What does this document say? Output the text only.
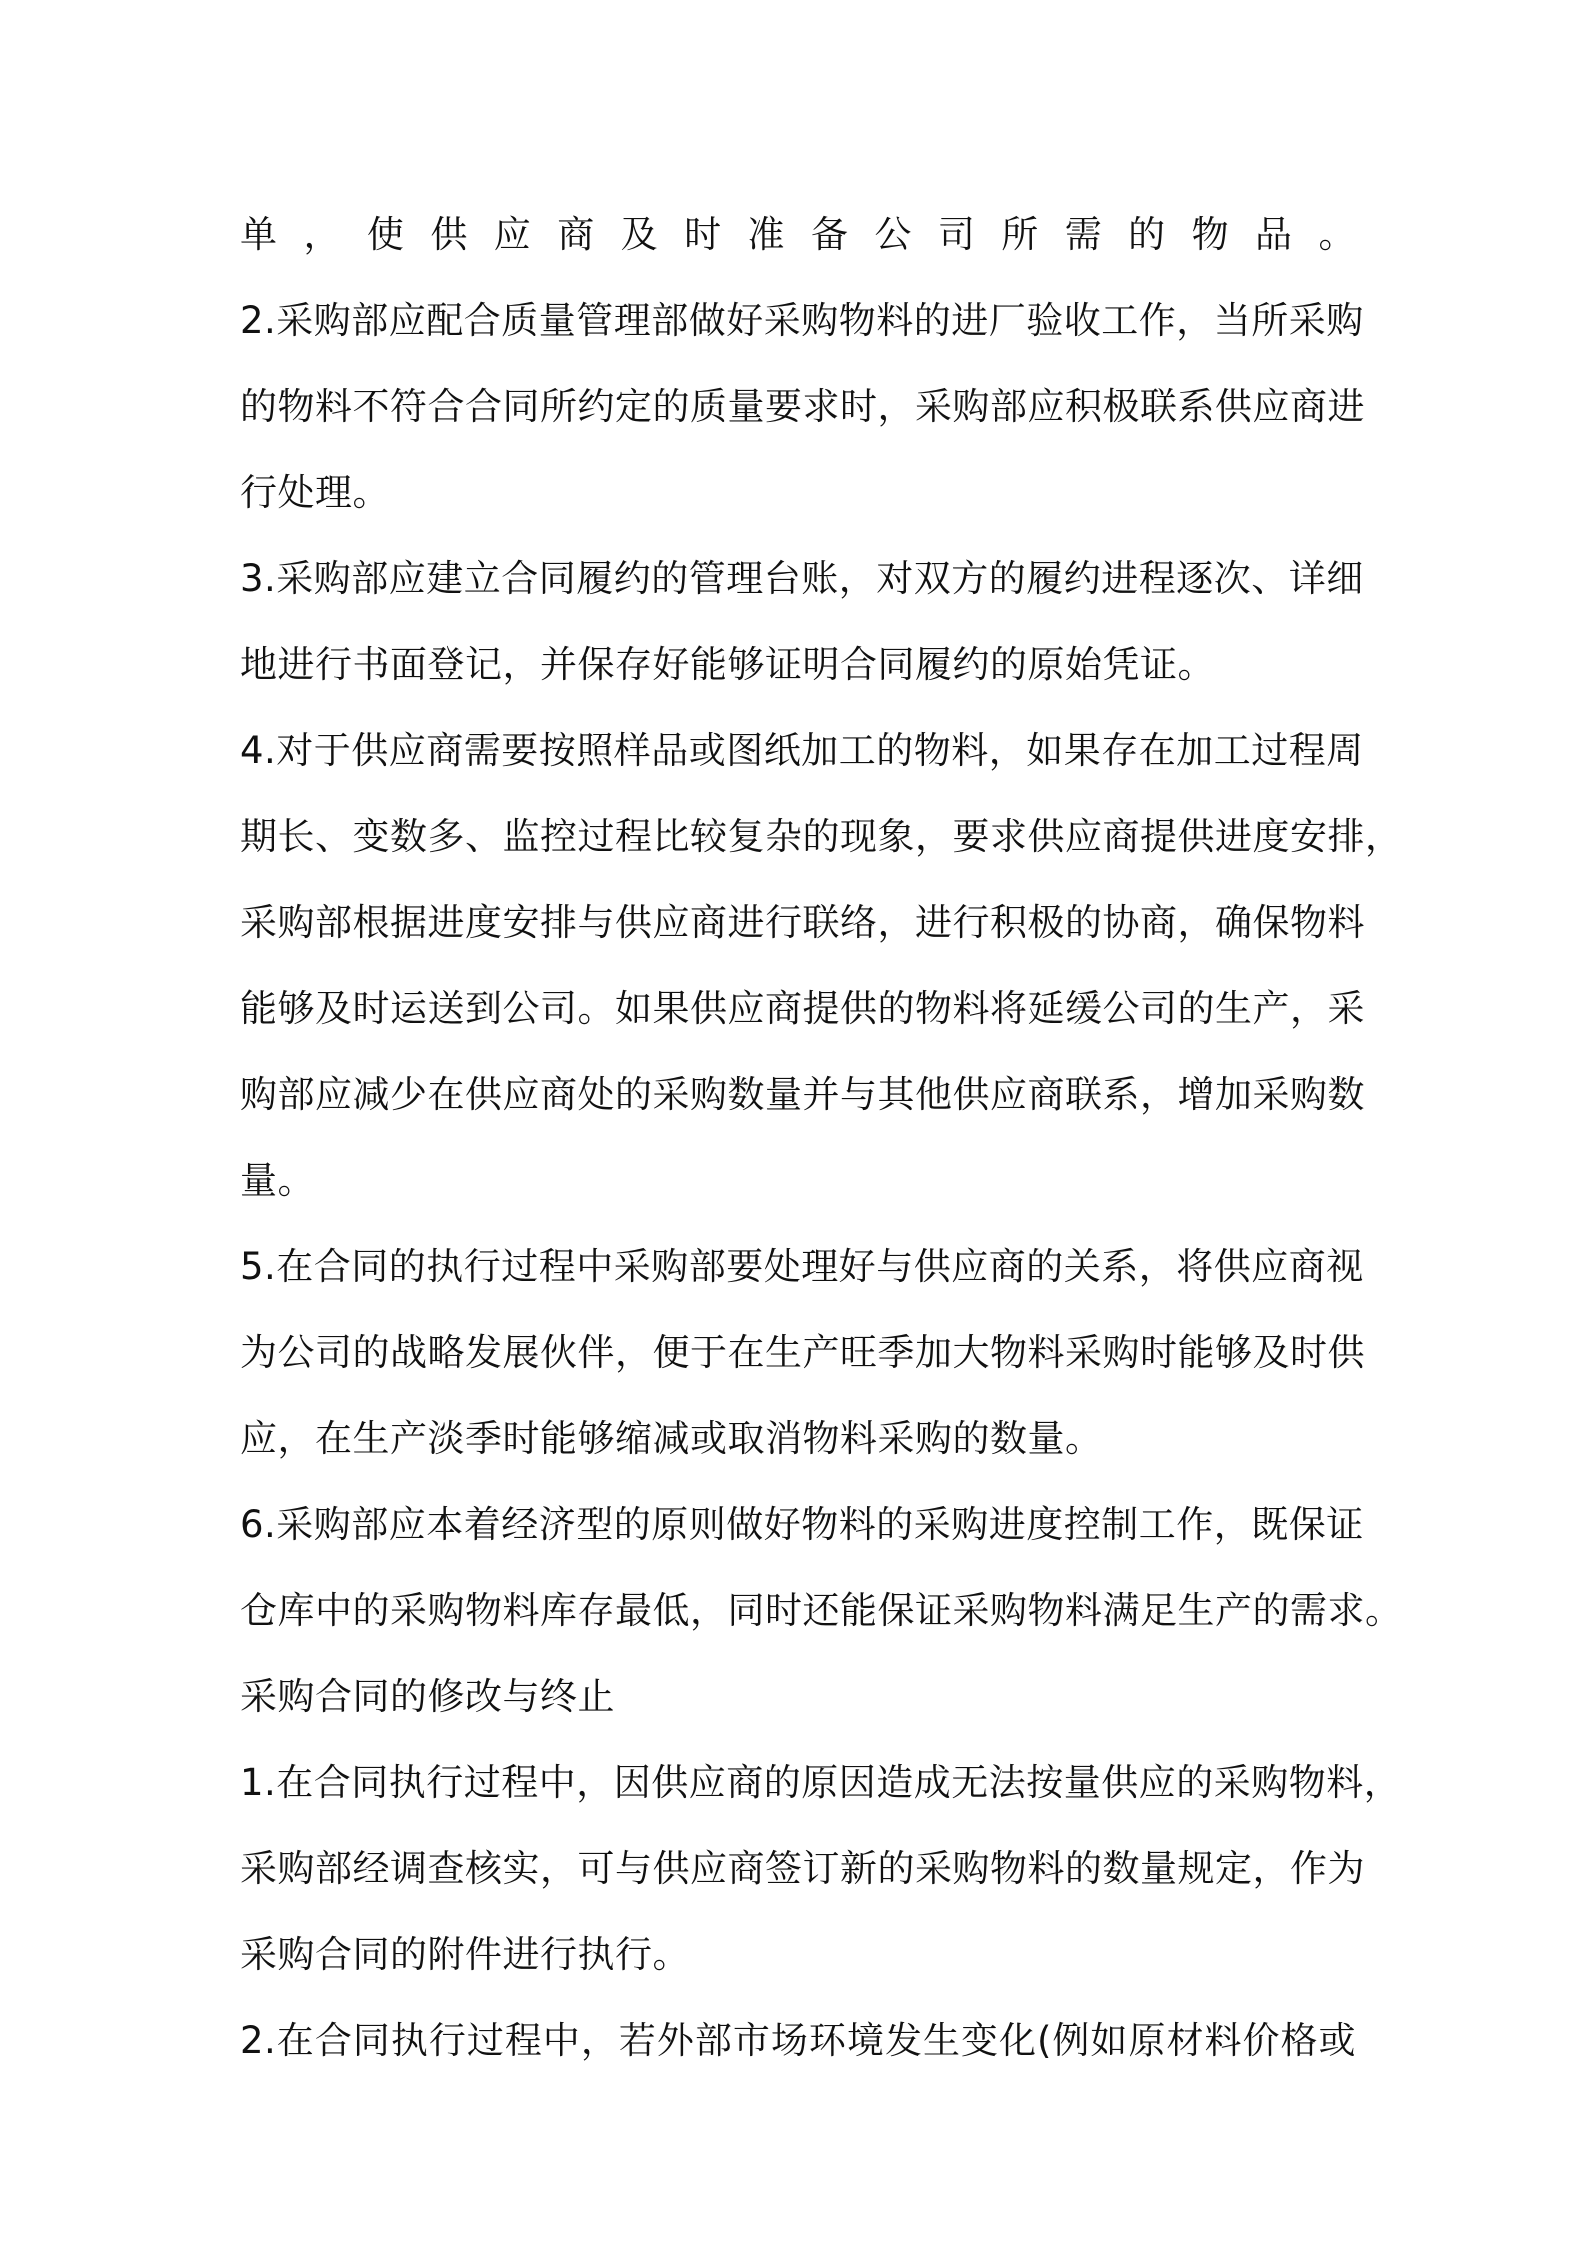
单，使供应商及时准备公司所需的物品。
2.采购部应配合质量管理部做好采购物料的进厂验收工作，当所采购
的物料不符合合同所约定的质量要求时，采购部应积极联系供应商进
行处理。
3.采购部应建立合同履约的管理台账，对双方的履约进程逐次、详细
地进行书面登记，并保存好能够证明合同履约的原始凭证。
4.对于供应商需要按照样品或图纸加工的物料，如果存在加工过程周
期长、变数多、监控过程比较复杂的现象，要求供应商提供进度安排，
采购部根据进度安排与供应商进行联络，进行积极的协商，确保物料
能够及时运送到公司。如果供应商提供的物料将延缓公司的生产，采
购部应减少在供应商处的采购数量并与其他供应商联系，增加采购数
量。
5.在合同的执行过程中采购部要处理好与供应商的关系，将供应商视
为公司的战略发展伙伴，便于在生产旺季加大物料采购时能够及时供
应，在生产淡季时能够缩减或取消物料采购的数量。
6.采购部应本着经济型的原则做好物料的采购进度控制工作，既保证
仓库中的采购物料库存最低，同时还能保证采购物料满足生产的需求。
采购合同的修改与终止
1.在合同执行过程中，因供应商的原因造成无法按量供应的采购物料，
采购部经调查核实，可与供应商签订新的采购物料的数量规定，作为
采购合同的附件进行执行。
2.在合同执行过程中，若外部市场环境发生变化(例如原材料价格或
